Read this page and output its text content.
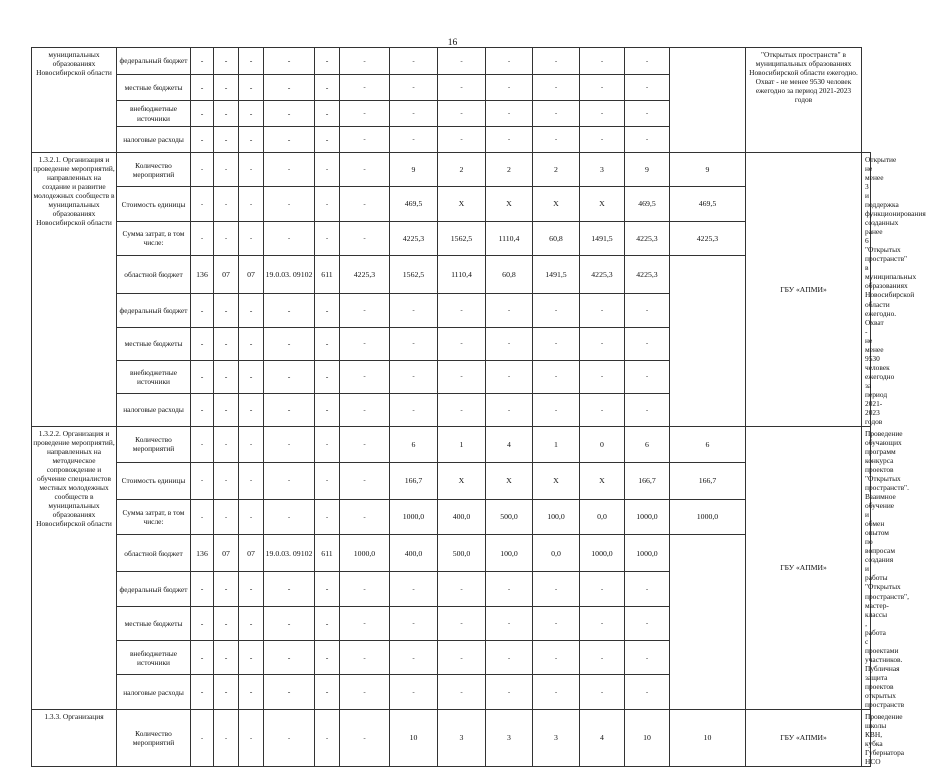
16
муниципальных образованиях Новосибирской области	федеральный бюджет	-	-	-	-	-	-	-	-	-	-	-	-		"Открытых пространств" в муниципальных образованиях Новосибирской области ежегодно. Охват - не менее 9530 человек ежегодно за период 2021-2023 годов	
	местные бюджеты	-	-	-	-	-	-	-	-	-	-	-	-			
	внебюджетные источники	-	-	-	-	-	-	-	-	-	-	-	-			
	налоговые расходы	-	-	-	-	-	-	-	-	-	-	-	-			
1.3.2.1. Организация и проведение мероприятий, направленных на создание и развитие молодежных сообществ в муниципальных образованиях Новосибирской области	Количество мероприятий	-	-	-	-	-	-	9	2	2	2	3	9	9	ГБУ «АПМИ»	Открытие не менее 3 и поддержка функционирования созданных ранее 6 "Открытых пространств" в муниципальных образованиях Новосибирской области ежегодно. Охват - не менее 9530 человек ежегодно за период 2021-2023 годов
	Стоимость единицы	-	-	-	-	-	-	469,5	X	X	X	X	469,5	469,5		
	Сумма затрат, в том числе:	-	-	-	-	-	-	4225,3	1562,5	1110,4	60,8	1491,5	4225,3	4225,3		
	областной бюджет	136	07	07	19.0.03. 09102	611	4225,3	1562,5	1110,4	60,8	1491,5	4225,3	4225,3			
	федеральный бюджет	-	-	-	-	-	-	-	-	-	-	-	-			
	местные бюджеты	-	-	-	-	-	-	-	-	-	-	-	-			
	внебюджетные источники	-	-	-	-	-	-	-	-	-	-	-	-			
	налоговые расходы	-	-	-	-	-	-	-	-	-	-	-	-			
1.3.2.2. Организация и проведение мероприятий, направленных на методическое сопровождение и обучение специалистов местных молодежных сообществ в муниципальных образованиях Новосибирской области	Количество мероприятий	-	-	-	-	-	-	6	1	4	1	0	6	6	ГБУ «АПМИ»	Проведение обучающих программ конкурса проектов "Открытых пространств". Взаимное обучение и обмен опытом по вопросам создания и работы "Открытых пространств", мастер-классы , работа с проектами участников. Публичная защита проектов открытых пространств
	Стоимость единицы	-	-	-	-	-	-	166,7	X	X	X	X	166,7	166,7		
	Сумма затрат, в том числе:	-	-	-	-	-	-	1000,0	400,0	500,0	100,0	0,0	1000,0	1000,0		
	областной бюджет	136	07	07	19.0.03. 09102	611	1000,0	400,0	500,0	100,0	0,0	1000,0	1000,0			
	федеральный бюджет	-	-	-	-	-	-	-	-	-	-	-	-			
	местные бюджеты	-	-	-	-	-	-	-	-	-	-	-	-			
	внебюджетные источники	-	-	-	-	-	-	-	-	-	-	-	-			
	налоговые расходы	-	-	-	-	-	-	-	-	-	-	-	-			
1.3.3. Организация	Количество мероприятий	-	-	-	-	-	-	10	3	3	3	4	10	10	ГБУ «АПМИ»	Проведение школы КВН, кубка Губернатора НСО
